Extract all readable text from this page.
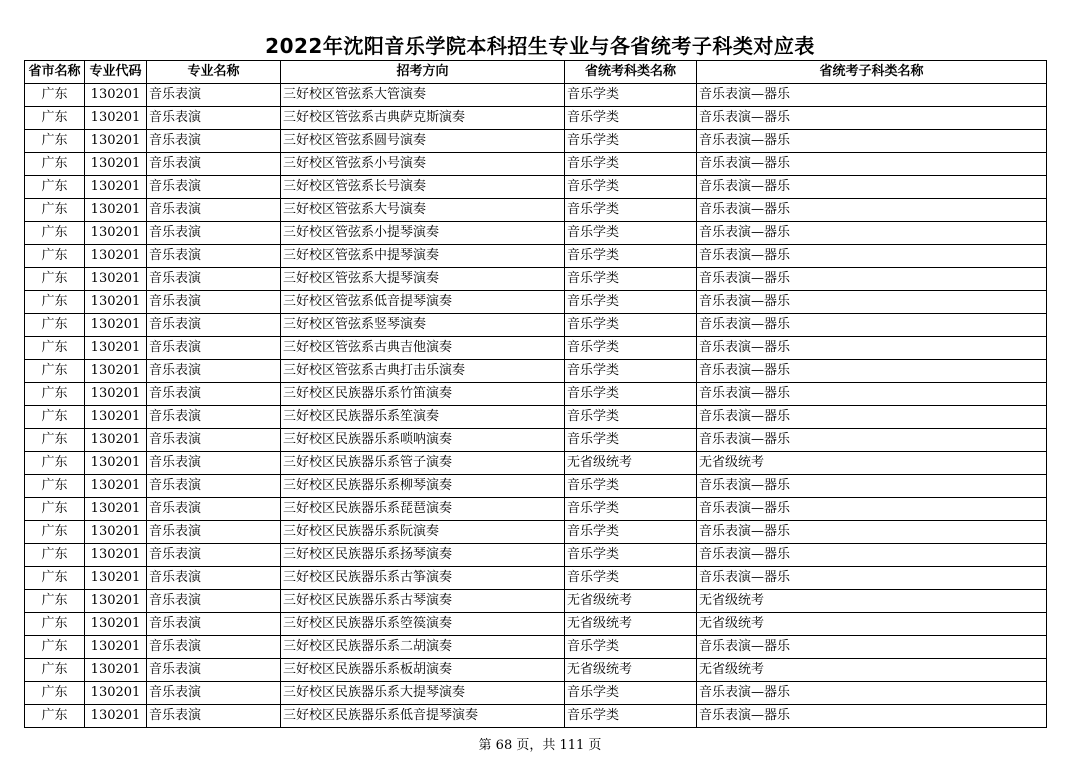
2022年沈阳音乐学院本科招生专业与各省统考子科类对应表
省市名称	专业代码	专业名称	招考方向	省统考科类名称	省统考子科类名称
广东	130201	音乐表演	三好校区管弦系大管演奏	音乐学类	音乐表演—器乐
广东	130201	音乐表演	三好校区管弦系古典萨克斯演奏	音乐学类	音乐表演—器乐
广东	130201	音乐表演	三好校区管弦系圆号演奏	音乐学类	音乐表演—器乐
广东	130201	音乐表演	三好校区管弦系小号演奏	音乐学类	音乐表演—器乐
广东	130201	音乐表演	三好校区管弦系长号演奏	音乐学类	音乐表演—器乐
广东	130201	音乐表演	三好校区管弦系大号演奏	音乐学类	音乐表演—器乐
广东	130201	音乐表演	三好校区管弦系小提琴演奏	音乐学类	音乐表演—器乐
广东	130201	音乐表演	三好校区管弦系中提琴演奏	音乐学类	音乐表演—器乐
广东	130201	音乐表演	三好校区管弦系大提琴演奏	音乐学类	音乐表演—器乐
广东	130201	音乐表演	三好校区管弦系低音提琴演奏	音乐学类	音乐表演—器乐
广东	130201	音乐表演	三好校区管弦系竖琴演奏	音乐学类	音乐表演—器乐
广东	130201	音乐表演	三好校区管弦系古典吉他演奏	音乐学类	音乐表演—器乐
广东	130201	音乐表演	三好校区管弦系古典打击乐演奏	音乐学类	音乐表演—器乐
广东	130201	音乐表演	三好校区民族器乐系竹笛演奏	音乐学类	音乐表演—器乐
广东	130201	音乐表演	三好校区民族器乐系笙演奏	音乐学类	音乐表演—器乐
广东	130201	音乐表演	三好校区民族器乐系唢呐演奏	音乐学类	音乐表演—器乐
广东	130201	音乐表演	三好校区民族器乐系管子演奏	无省级统考	无省级统考
广东	130201	音乐表演	三好校区民族器乐系柳琴演奏	音乐学类	音乐表演—器乐
广东	130201	音乐表演	三好校区民族器乐系琵琶演奏	音乐学类	音乐表演—器乐
广东	130201	音乐表演	三好校区民族器乐系阮演奏	音乐学类	音乐表演—器乐
广东	130201	音乐表演	三好校区民族器乐系扬琴演奏	音乐学类	音乐表演—器乐
广东	130201	音乐表演	三好校区民族器乐系古筝演奏	音乐学类	音乐表演—器乐
广东	130201	音乐表演	三好校区民族器乐系古琴演奏	无省级统考	无省级统考
广东	130201	音乐表演	三好校区民族器乐系箜篌演奏	无省级统考	无省级统考
广东	130201	音乐表演	三好校区民族器乐系二胡演奏	音乐学类	音乐表演—器乐
广东	130201	音乐表演	三好校区民族器乐系板胡演奏	无省级统考	无省级统考
广东	130201	音乐表演	三好校区民族器乐系大提琴演奏	音乐学类	音乐表演—器乐
广东	130201	音乐表演	三好校区民族器乐系低音提琴演奏	音乐学类	音乐表演—器乐
第 68 页，共 111 页
